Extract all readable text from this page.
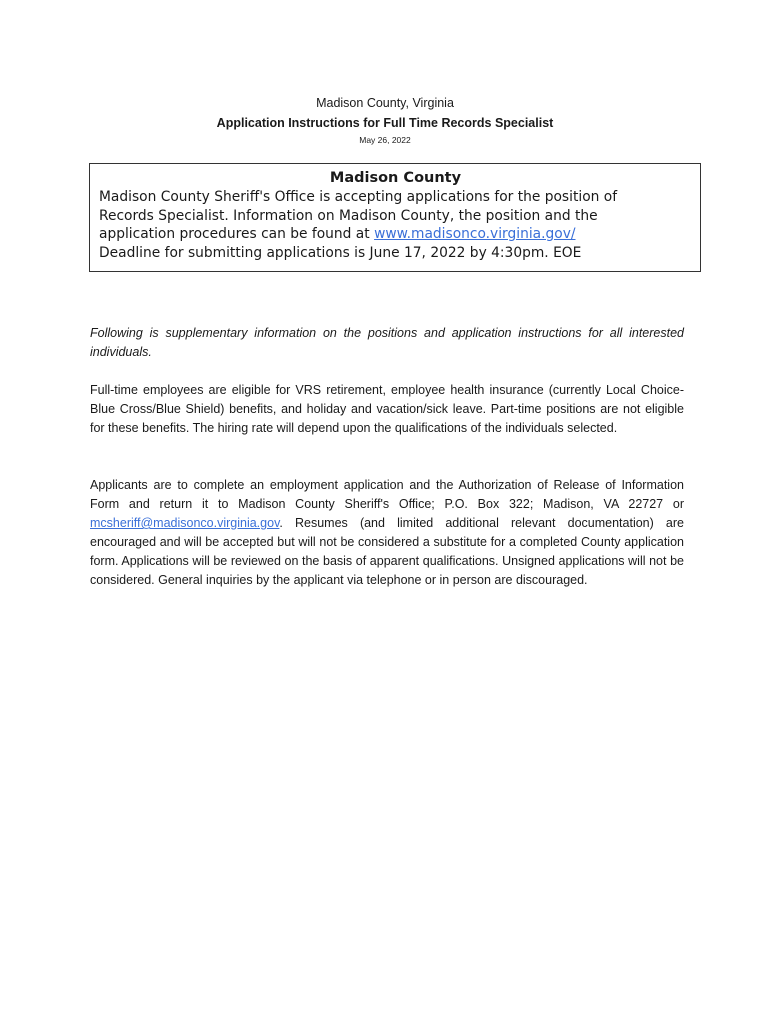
Madison County, Virginia
Application Instructions for Full Time Records Specialist
May 26, 2022
Madison County
Madison County Sheriff's Office is accepting applications for the position of
Records Specialist. Information on Madison County, the position and the
application procedures can be found at www.madisonco.virginia.gov/
Deadline for submitting applications is June 17, 2022 by 4:30pm. EOE
Following is supplementary information on the positions and application instructions for all interested individuals.
Full-time employees are eligible for VRS retirement, employee health insurance (currently Local Choice-Blue Cross/Blue Shield) benefits, and holiday and vacation/sick leave. Part-time positions are not eligible for these benefits. The hiring rate will depend upon the qualifications of the individuals selected.
Applicants are to complete an employment application and the Authorization of Release of Information Form and return it to Madison County Sheriff's Office; P.O. Box 322; Madison, VA 22727 or mcsheriff@madisonco.virginia.gov. Resumes (and limited additional relevant documentation) are encouraged and will be accepted but will not be considered a substitute for a completed County application form. Applications will be reviewed on the basis of apparent qualifications. Unsigned applications will not be considered. General inquiries by the applicant via telephone or in person are discouraged.
